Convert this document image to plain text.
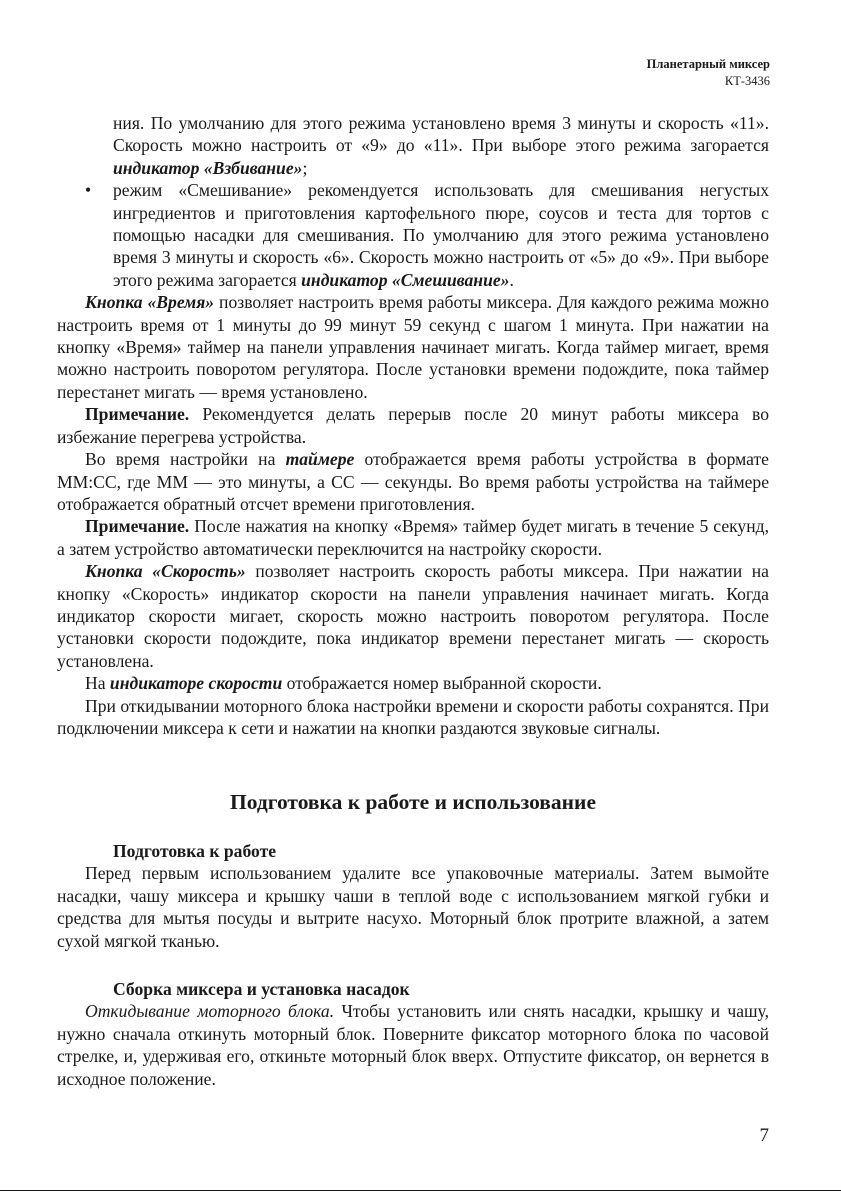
Планетарный миксер
КТ-3436

ния. По умолчанию для этого режима установлено время 3 минуты и скорость «11». Скорость можно настроить от «9» до «11». При выборе этого режима загорается индикатор «Взбивание»;

• режим «Смешивание» рекомендуется использовать для смешивания негустых ингредиентов и приготовления картофельного пюре, соусов и теста для тортов с помощью насадки для смешивания. По умолчанию для этого режима установлено время 3 минуты и скорость «6». Скорость можно настроить от «5» до «9». При выборе этого режима загорается индикатор «Смешивание».

Кнопка «Время» позволяет настроить время работы миксера. Для каждого режима можно настроить время от 1 минуты до 99 минут 59 секунд с шагом 1 минута. При нажатии на кнопку «Время» таймер на панели управления начинает мигать. Когда таймер мигает, время можно настроить поворотом регулятора. После установки времени подождите, пока таймер перестанет мигать — время установлено.

Примечание. Рекомендуется делать перерыв после 20 минут работы миксера во избежание перегрева устройства.

Во время настройки на таймере отображается время работы устройства в формате ММ:СС, где ММ — это минуты, а СС — секунды. Во время работы устройства на таймере отображается обратный отсчет времени приготовления.

Примечание. После нажатия на кнопку «Время» таймер будет мигать в течение 5 секунд, а затем устройство автоматически переключится на настройку скорости.

Кнопка «Скорость» позволяет настроить скорость работы миксера. При нажатии на кнопку «Скорость» индикатор скорости на панели управления начинает мигать. Когда индикатор скорости мигает, скорость можно настроить поворотом регулятора. После установки скорости подождите, пока индикатор времени перестанет мигать — скорость установлена.

На индикаторе скорости отображается номер выбранной скорости.

При откидывании моторного блока настройки времени и скорости работы сохранятся. При подключении миксера к сети и нажатии на кнопки раздаются звуковые сигналы.

Подготовка к работе и использование

Подготовка к работе

Перед первым использованием удалите все упаковочные материалы. Затем вымойте насадки, чашу миксера и крышку чаши в теплой воде с использованием мягкой губки и средства для мытья посуды и вытрите насухо. Моторный блок протрите влажной, а затем сухой мягкой тканью.

Сборка миксера и установка насадок

Откидывание моторного блока. Чтобы установить или снять насадки, крышку и чашу, нужно сначала откинуть моторный блок. Поверните фиксатор моторного блока по часовой стрелке, и, удерживая его, откиньте моторный блок вверх. Отпустите фиксатор, он вернется в исходное положение.

7
